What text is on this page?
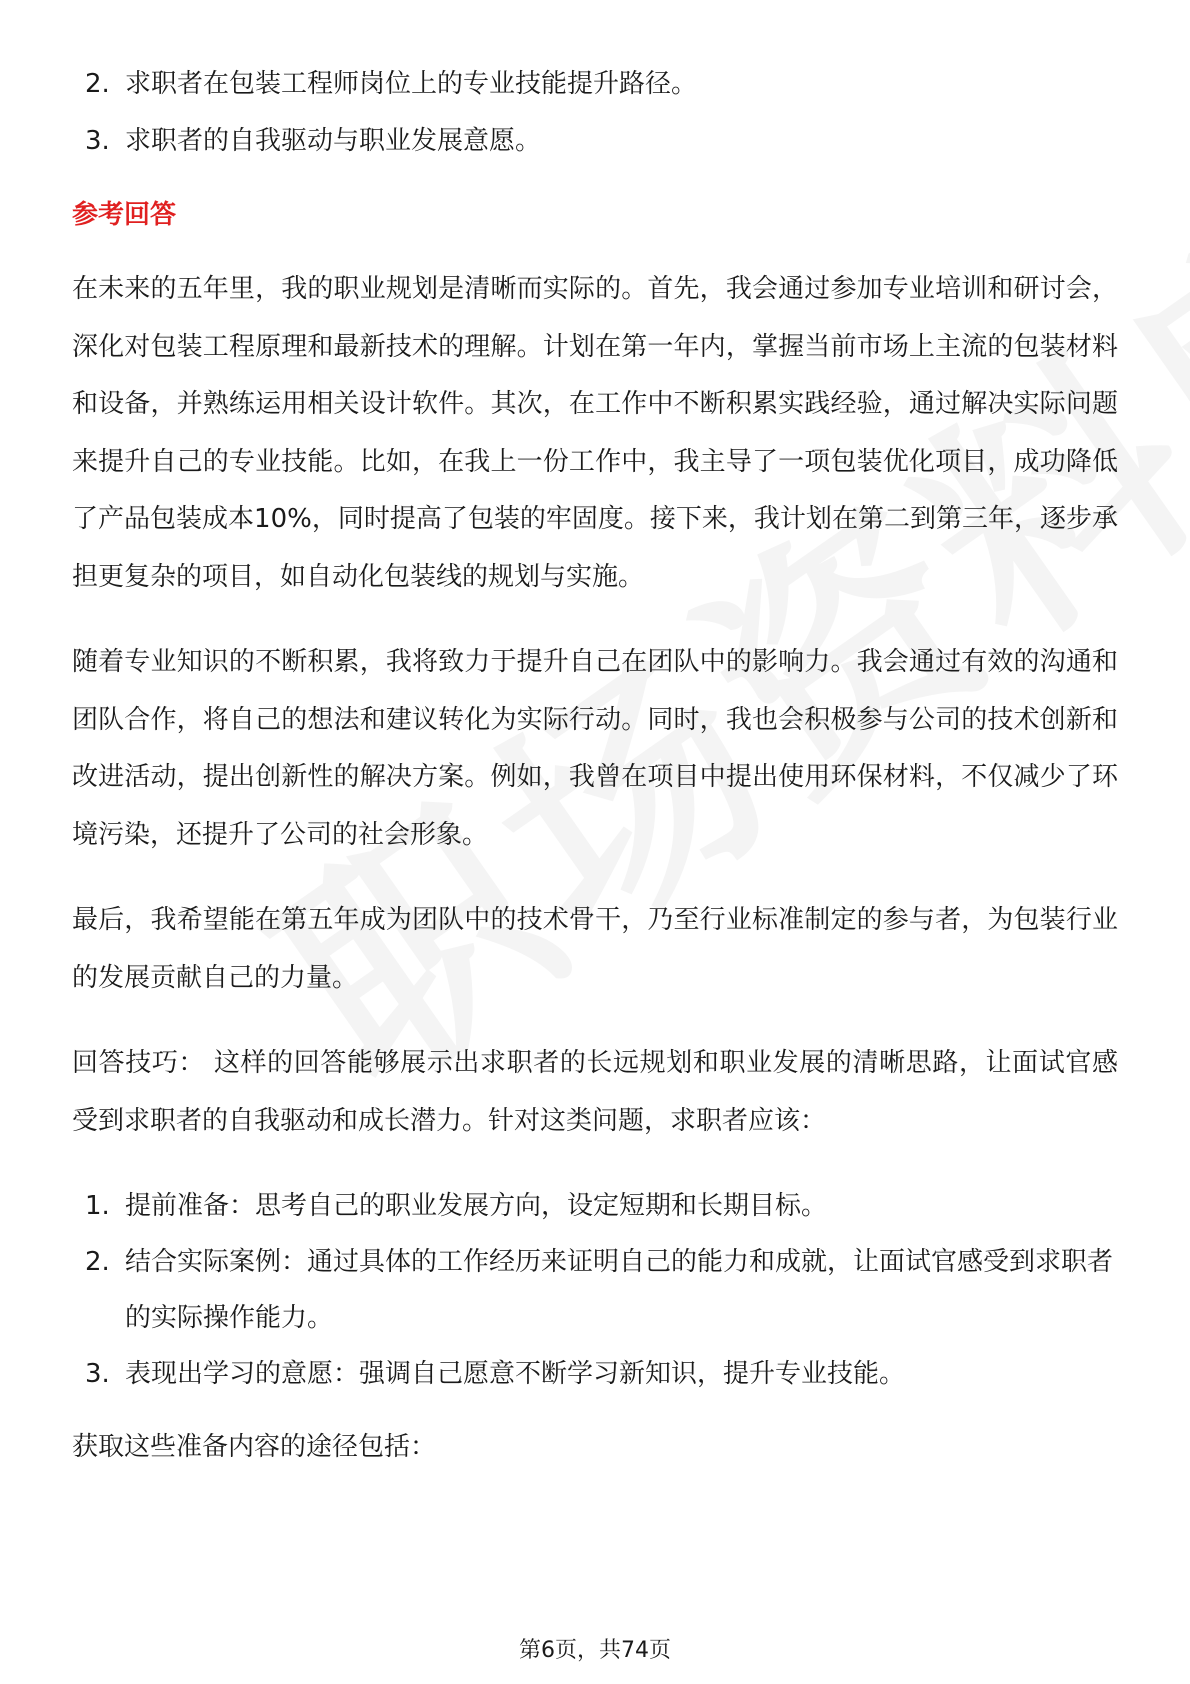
2. 求职者在包装工程师岗位上的专业技能提升路径。
3. 求职者的自我驱动与职业发展意愿。
参考回答

在未来的五年里，我的职业规划是清晰而实际的。首先，我会通过参加专业培训和研讨会，深化对包装工程原理和最新技术的理解。计划在第一年内，掌握当前市场上主流的包装材料和设备，并熟练运用相关设计软件。其次，在工作中不断积累实践经验，通过解决实际问题来提升自己的专业技能。比如，在我上一份工作中，我主导了一项包装优化项目，成功降低了产品包装成本10%，同时提高了包装的牢固度。接下来，我计划在第二到第三年，逐步承担更复杂的项目，如自动化包装线的规划与实施。

随着专业知识的不断积累，我将致力于提升自己在团队中的影响力。我会通过有效的沟通和团队合作，将自己的想法和建议转化为实际行动。同时，我也会积极参与公司的技术创新和改进活动，提出创新性的解决方案。例如，我曾在项目中提出使用环保材料，不仅减少了环境污染，还提升了公司的社会形象。

最后，我希望能在第五年成为团队中的技术骨干，乃至行业标准制定的参与者，为包装行业的发展贡献自己的力量。

回答技巧： 这样的回答能够展示出求职者的长远规划和职业发展的清晰思路，让面试官感受到求职者的自我驱动和成长潜力。针对这类问题，求职者应该：

1. 提前准备：思考自己的职业发展方向，设定短期和长期目标。
2. 结合实际案例：通过具体的工作经历来证明自己的能力和成就，让面试官感受到求职者的实际操作能力。
3. 表现出学习的意愿：强调自己愿意不断学习新知识，提升专业技能。

获取这些准备内容的途径包括：

第6页，共74页
